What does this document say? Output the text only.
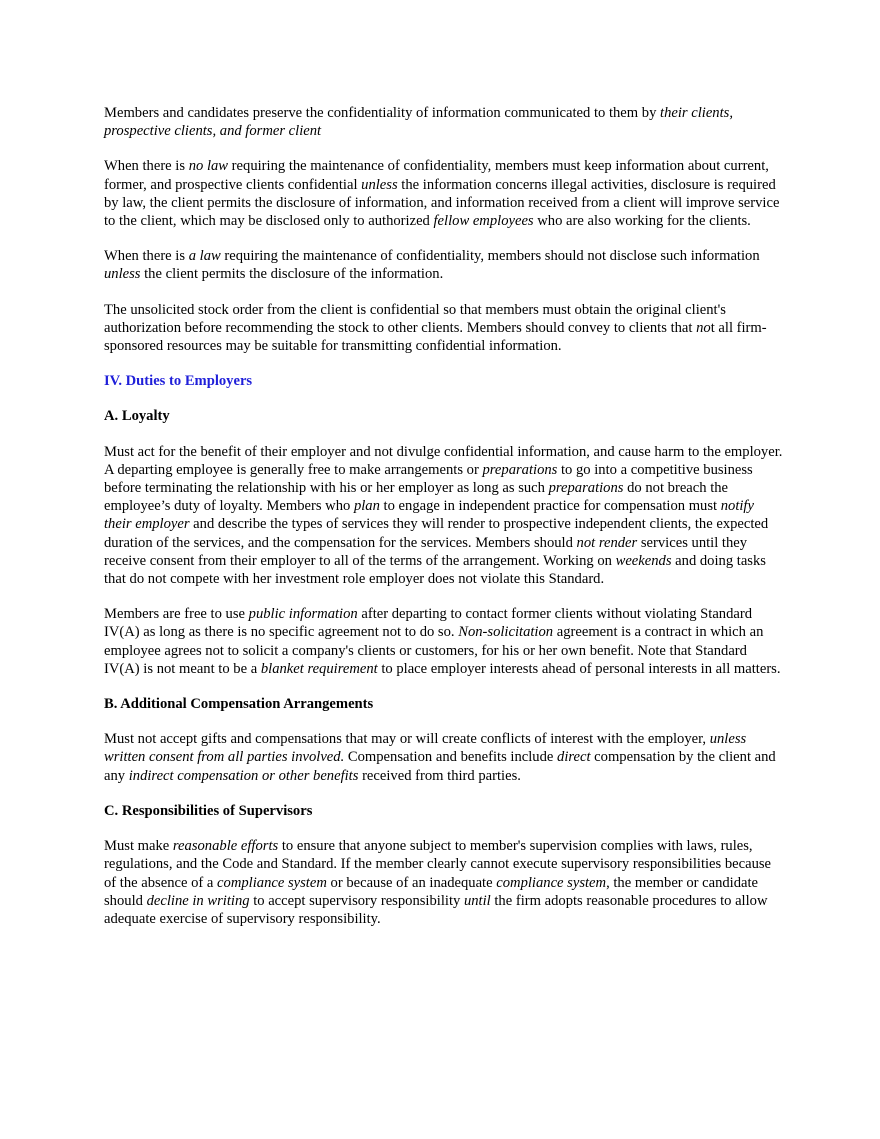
Members and candidates preserve the confidentiality of information communicated to them by their clients, prospective clients, and former client

When there is no law requiring the maintenance of confidentiality, members must keep information about current, former, and prospective clients confidential unless the information concerns illegal activities, disclosure is required by law, the client permits the disclosure of information, and information received from a client will improve service to the client, which may be disclosed only to authorized fellow employees who are also working for the clients.

When there is a law requiring the maintenance of confidentiality, members should not disclose such information unless the client permits the disclosure of the information.

The unsolicited stock order from the client is confidential so that members must obtain the original client's authorization before recommending the stock to other clients. Members should convey to clients that not all firm-sponsored resources may be suitable for transmitting confidential information.

IV. Duties to Employers
A. Loyalty

Must act for the benefit of their employer and not divulge confidential information, and cause harm to the employer. A departing employee is generally free to make arrangements or preparations to go into a competitive business before terminating the relationship with his or her employer as long as such preparations do not breach the employee’s duty of loyalty. Members who plan to engage in independent practice for compensation must notify their employer and describe the types of services they will render to prospective independent clients, the expected duration of the services, and the compensation for the services. Members should not render services until they receive consent from their employer to all of the terms of the arrangement. Working on weekends and doing tasks that do not compete with her investment role employer does not violate this Standard.

Members are free to use public information after departing to contact former clients without violating Standard IV(A) as long as there is no specific agreement not to do so. Non-solicitation agreement is a contract in which an employee agrees not to solicit a company's clients or customers, for his or her own benefit. Note that Standard IV(A) is not meant to be a blanket requirement to place employer interests ahead of personal interests in all matters.

B. Additional Compensation Arrangements

Must not accept gifts and compensations that may or will create conflicts of interest with the employer, unless written consent from all parties involved. Compensation and benefits include direct compensation by the client and any indirect compensation or other benefits received from third parties.

C. Responsibilities of Supervisors

Must make reasonable efforts to ensure that anyone subject to member's supervision complies with laws, rules, regulations, and the Code and Standard. If the member clearly cannot execute supervisory responsibilities because of the absence of a compliance system or because of an inadequate compliance system, the member or candidate should decline in writing to accept supervisory responsibility until the firm adopts reasonable procedures to allow adequate exercise of supervisory responsibility.
